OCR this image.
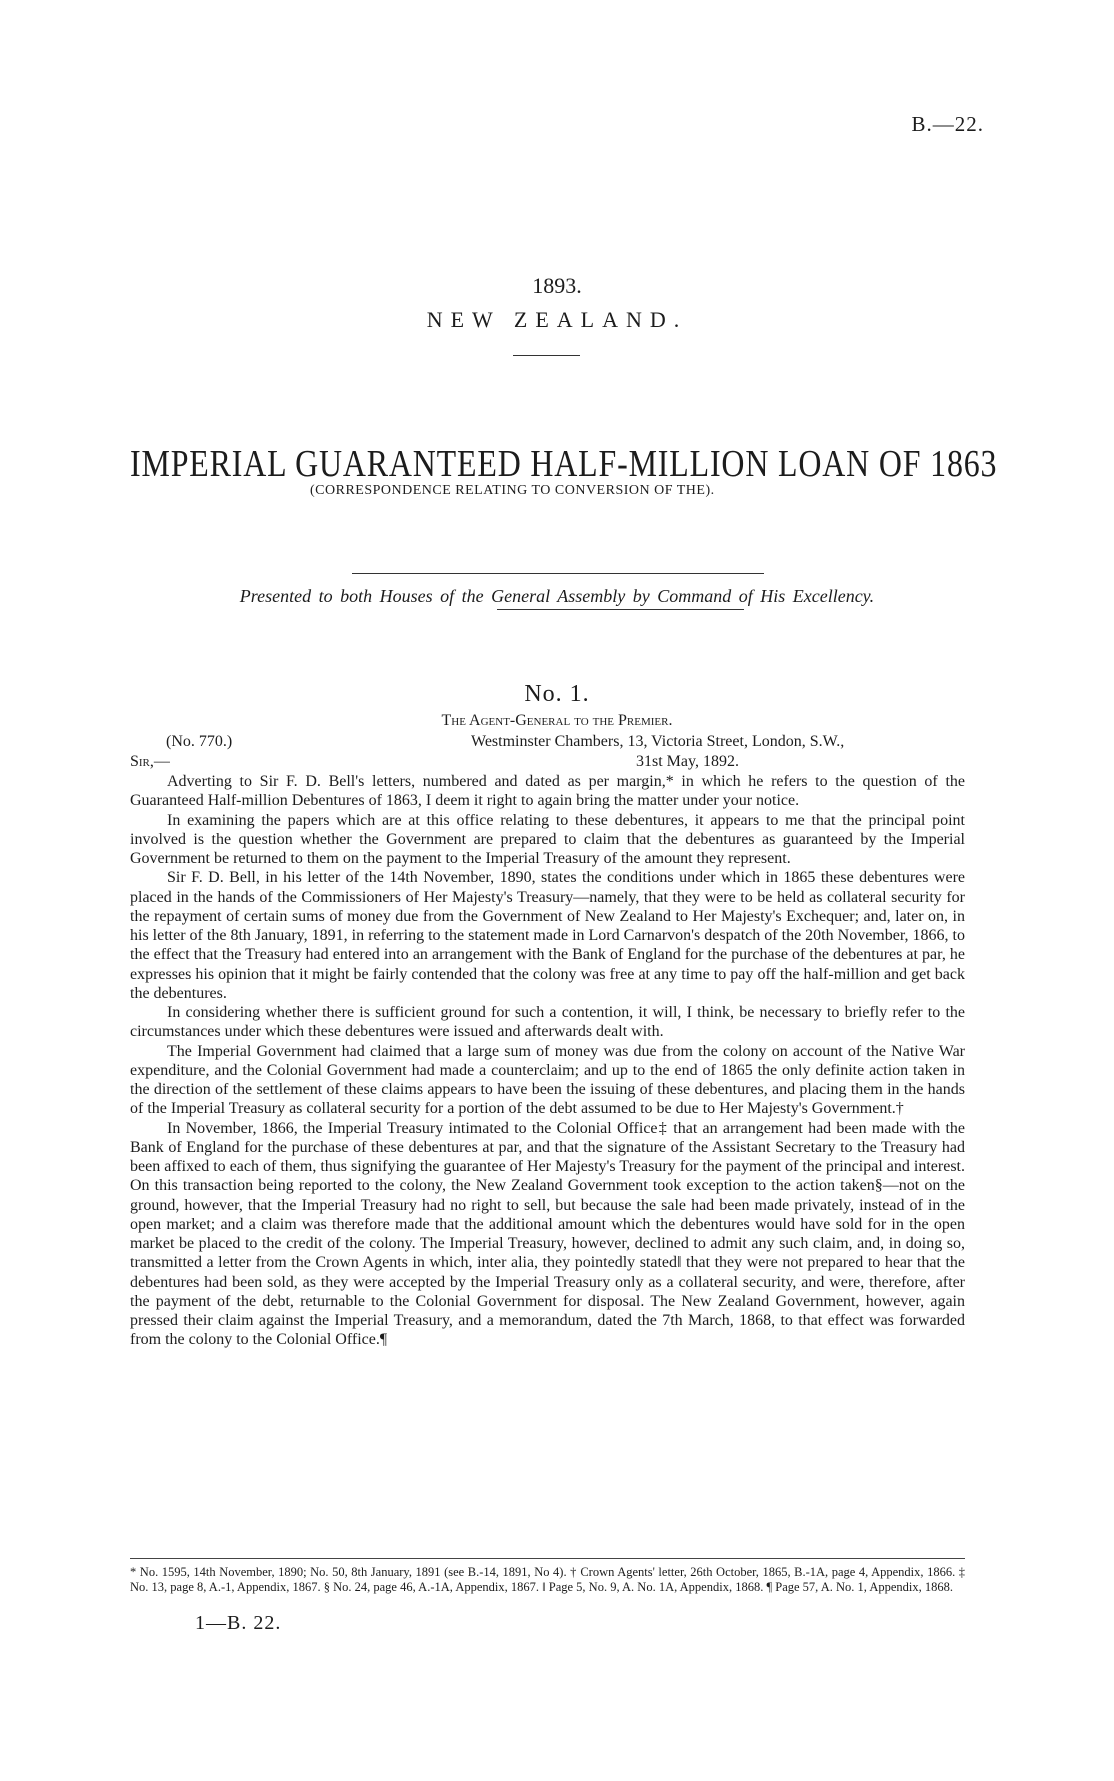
B.—22.
1893.
NEW ZEALAND.
IMPERIAL GUARANTEED HALF-MILLION LOAN OF 1863
(CORRESPONDENCE RELATING TO CONVERSION OF THE).
Presented to both Houses of the General Assembly by Command of His Excellency.
No. 1.
The Agent-General to the Premier.
(No. 770.)	Westminster Chambers, 13, Victoria Street, London, S.W.,
Sir,—	31st May, 1892.

Adverting to Sir F. D. Bell's letters, numbered and dated as per margin,* in which he refers to the question of the Guaranteed Half-million Debentures of 1863, I deem it right to again bring the matter under your notice.

In examining the papers which are at this office relating to these debentures, it appears to me that the principal point involved is the question whether the Government are prepared to claim that the debentures as guaranteed by the Imperial Government be returned to them on the payment to the Imperial Treasury of the amount they represent.

Sir F. D. Bell, in his letter of the 14th November, 1890, states the conditions under which in 1865 these debentures were placed in the hands of the Commissioners of Her Majesty's Treasury—namely, that they were to be held as collateral security for the repayment of certain sums of money due from the Government of New Zealand to Her Majesty's Exchequer; and, later on, in his letter of the 8th January, 1891, in referring to the statement made in Lord Carnarvon's despatch of the 20th November, 1866, to the effect that the Treasury had entered into an arrangement with the Bank of England for the purchase of the debentures at par, he expresses his opinion that it might be fairly contended that the colony was free at any time to pay off the half-million and get back the debentures.

In considering whether there is sufficient ground for such a contention, it will, I think, be necessary to briefly refer to the circumstances under which these debentures were issued and afterwards dealt with.

The Imperial Government had claimed that a large sum of money was due from the colony on account of the Native War expenditure, and the Colonial Government had made a counterclaim; and up to the end of 1865 the only definite action taken in the direction of the settlement of these claims appears to have been the issuing of these debentures, and placing them in the hands of the Imperial Treasury as collateral security for a portion of the debt assumed to be due to Her Majesty's Government.†

In November, 1866, the Imperial Treasury intimated to the Colonial Office‡ that an arrangement had been made with the Bank of England for the purchase of these debentures at par, and that the signature of the Assistant Secretary to the Treasury had been affixed to each of them, thus signifying the guarantee of Her Majesty's Treasury for the payment of the principal and interest. On this transaction being reported to the colony, the New Zealand Government took exception to the action taken§—not on the ground, however, that the Imperial Treasury had no right to sell, but because the sale had been made privately, instead of in the open market; and a claim was therefore made that the additional amount which the debentures would have sold for in the open market be placed to the credit of the colony. The Imperial Treasury, however, declined to admit any such claim, and, in doing so, transmitted a letter from the Crown Agents in which, inter alia, they pointedly stated‖ that they were not prepared to hear that the debentures had been sold, as they were accepted by the Imperial Treasury only as a collateral security, and were, therefore, after the payment of the debt, returnable to the Colonial Government for disposal. The New Zealand Government, however, again pressed their claim against the Imperial Treasury, and a memorandum, dated the 7th March, 1868, to that effect was forwarded from the colony to the Colonial Office.¶

* No. 1595, 14th November, 1890; No. 50, 8th January, 1891 (see B.-14, 1891, No 4). † Crown Agents' letter, 26th October, 1865, B.-1A, page 4, Appendix, 1866. ‡ No. 13, page 8, A.-1, Appendix, 1867. § No. 24, page 46, A.-1A, Appendix, 1867. ‖ Page 5, No. 9, A. No. 1A, Appendix, 1868. ¶ Page 57, A. No. 1, Appendix, 1868.
1—B. 22.
